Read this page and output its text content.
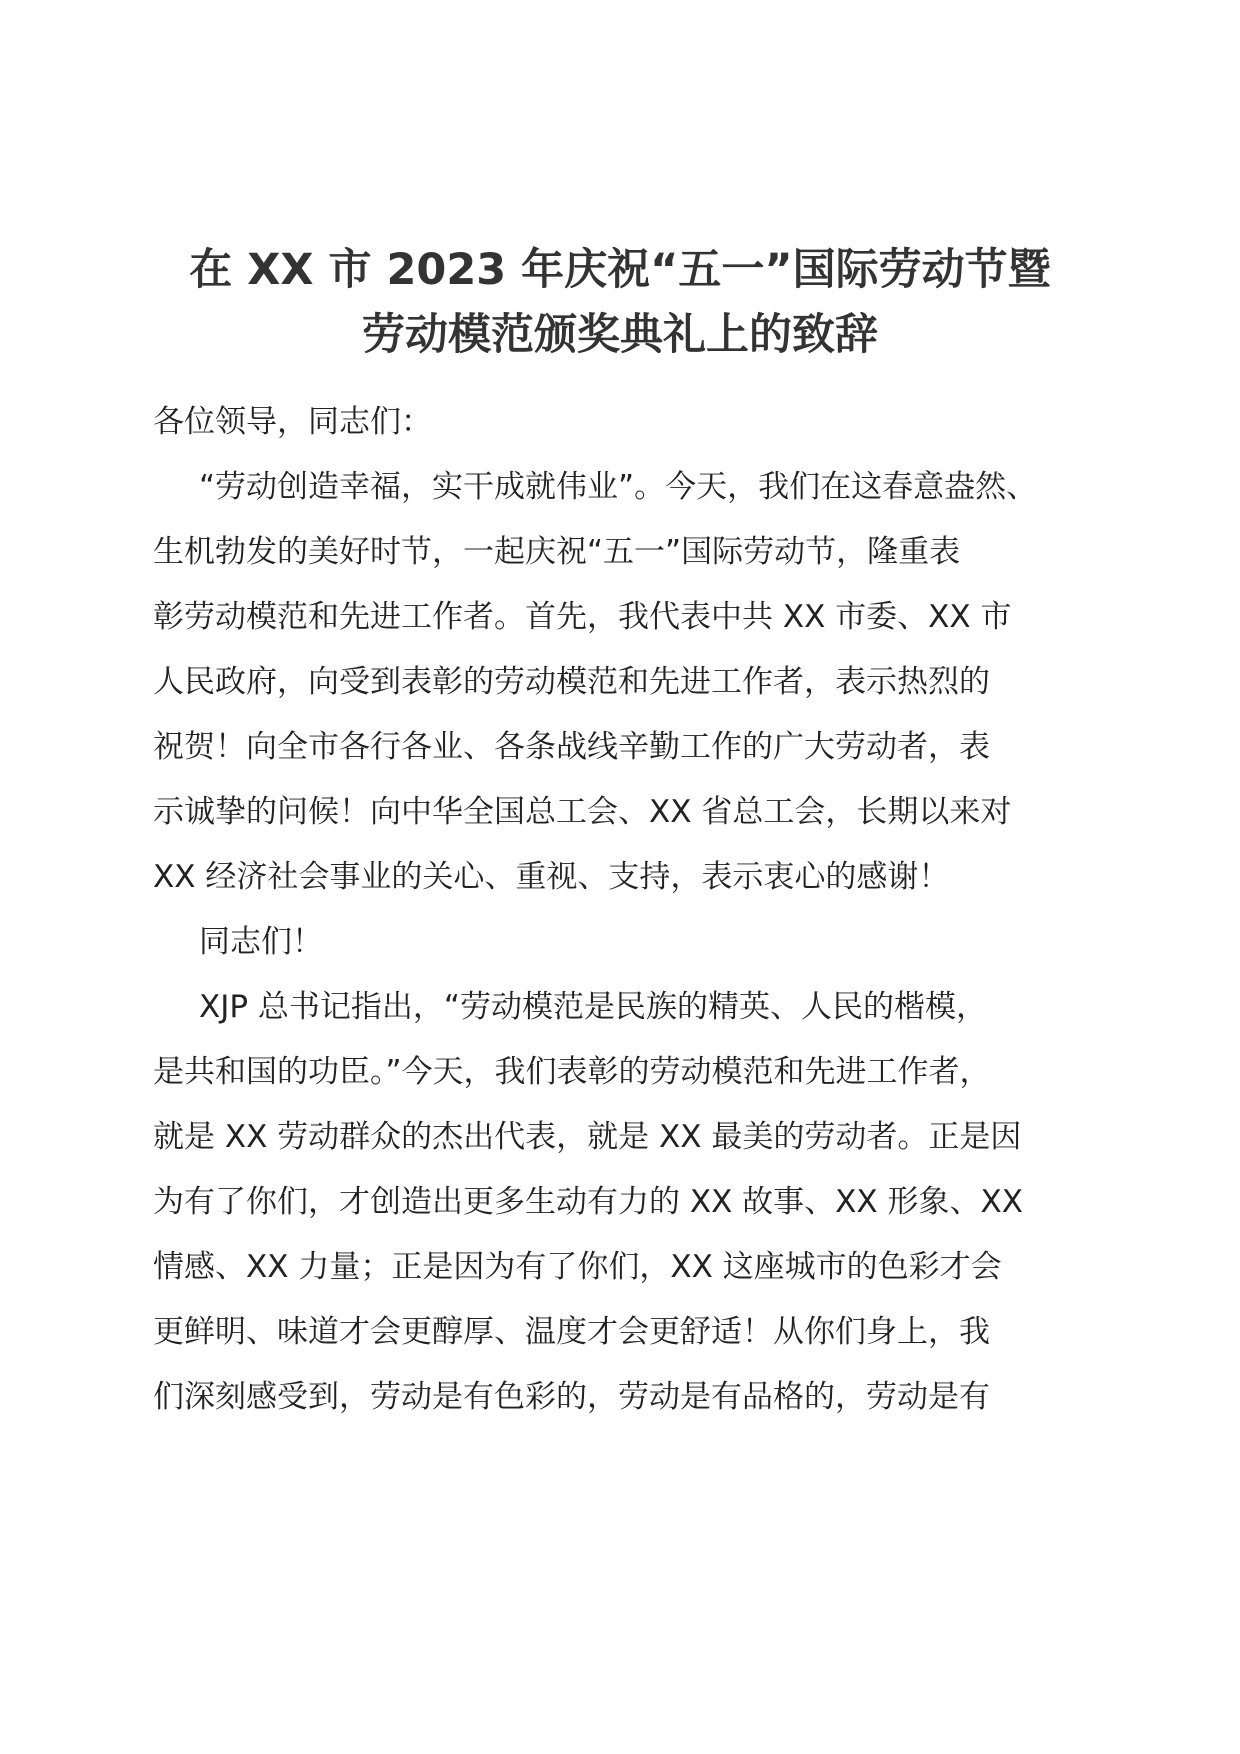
在 XX 市 2023 年庆祝“五一”国际劳动节暨
劳动模范颁奖典礼上的致辞
各位领导，同志们：
“劳动创造幸福，实干成就伟业”。今天，我们在这春意盎然、
生机勃发的美好时节，一起庆祝“五一”国际劳动节，隆重表
彰劳动模范和先进工作者。首先，我代表中共 XX 市委、XX 市
人民政府，向受到表彰的劳动模范和先进工作者，表示热烈的
祝贺！向全市各行各业、各条战线辛勤工作的广大劳动者，表
示诚挚的问候！向中华全国总工会、XX 省总工会，长期以来对
XX 经济社会事业的关心、重视、支持，表示衷心的感谢！
同志们！
XJP 总书记指出，“劳动模范是民族的精英、人民的楷模，
是共和国的功臣。”今天，我们表彰的劳动模范和先进工作者，
就是 XX 劳动群众的杰出代表，就是 XX 最美的劳动者。正是因
为有了你们，才创造出更多生动有力的 XX 故事、XX 形象、XX
情感、XX 力量；正是因为有了你们，XX 这座城市的色彩才会
更鲜明、味道才会更醇厚、温度才会更舒适！从你们身上，我
们深刻感受到，劳动是有色彩的，劳动是有品格的，劳动是有
